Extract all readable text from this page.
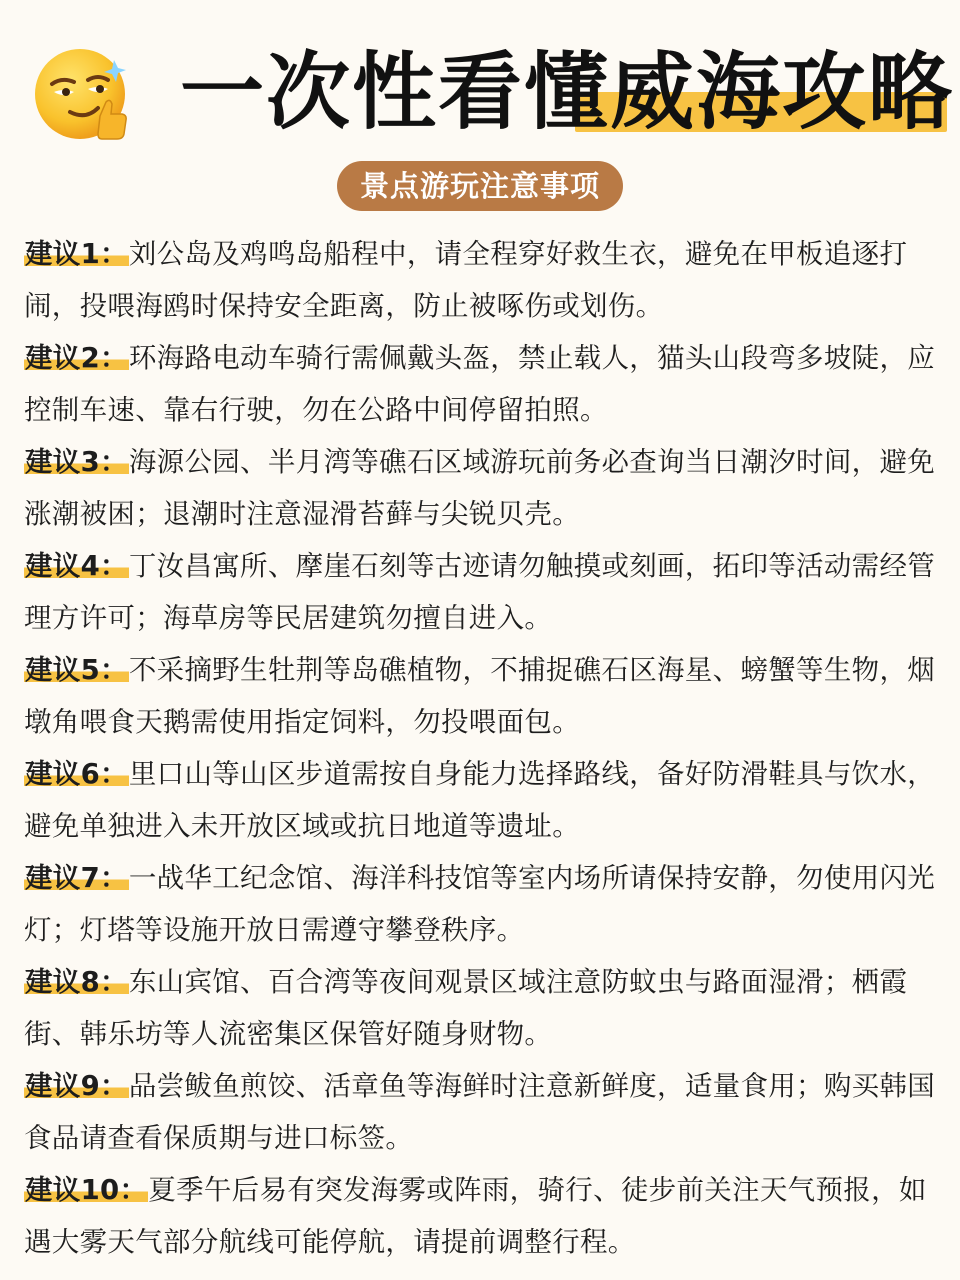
一次性看懂威海攻略
景点游玩注意事项
建议1：刘公岛及鸡鸣岛船程中，请全程穿好救生衣，避免在甲板追逐打闹，投喂海鸥时保持安全距离，防止被啄伤或划伤。
建议2：环海路电动车骑行需佩戴头盔，禁止载人，猫头山段弯多坡陡，应控制车速、靠右行驶，勿在公路中间停留拍照。
建议3：海源公园、半月湾等礁石区域游玩前务必查询当日潮汐时间，避免涨潮被困；退潮时注意湿滑苔藓与尖锐贝壳。
建议4：丁汝昌寓所、摩崖石刻等古迹请勿触摸或刻画，拓印等活动需经管理方许可；海草房等民居建筑勿擅自进入。
建议5：不采摘野生牡荆等岛礁植物，不捕捉礁石区海星、螃蟹等生物，烟墩角喂食天鹅需使用指定饲料，勿投喂面包。
建议6：里口山等山区步道需按自身能力选择路线，备好防滑鞋具与饮水，避免单独进入未开放区域或抗日地道等遗址。
建议7：一战华工纪念馆、海洋科技馆等室内场所请保持安静，勿使用闪光灯；灯塔等设施开放日需遵守攀登秩序。
建议8：东山宾馆、百合湾等夜间观景区域注意防蚊虫与路面湿滑；栖霞街、韩乐坊等人流密集区保管好随身财物。
建议9：品尝鲅鱼煎饺、活章鱼等海鲜时注意新鲜度，适量食用；购买韩国食品请查看保质期与进口标签。
建议10：夏季午后易有突发海雾或阵雨，骑行、徒步前关注天气预报，如遇大雾天气部分航线可能停航，请提前调整行程。
